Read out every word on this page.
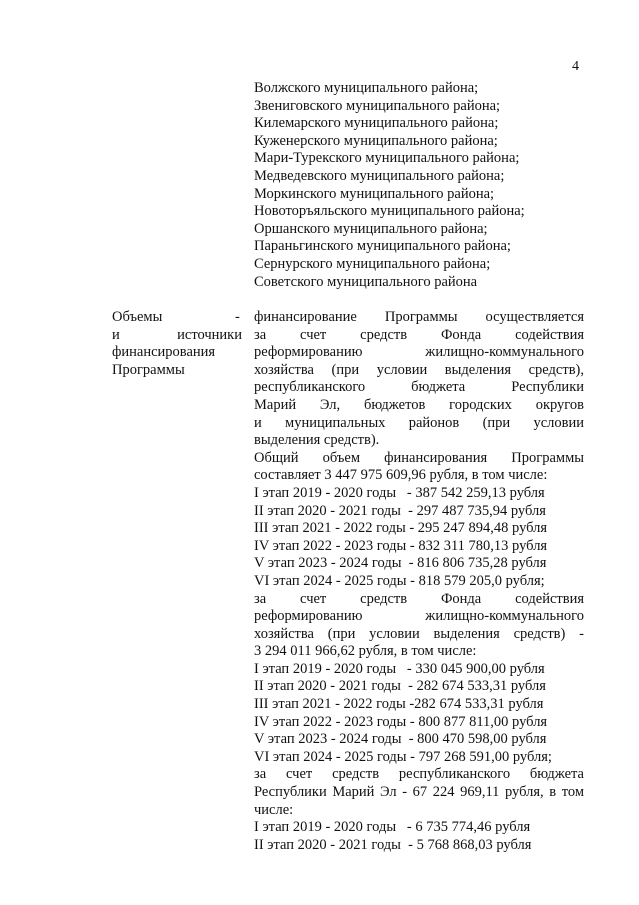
4
Волжского муниципального района;
Звениговского муниципального района;
Килемарского муниципального района;
Куженерского муниципального района;
Мари-Турекского муниципального района;
Медведевского муниципального района;
Моркинского муниципального района;
Новоторъяльского муниципального района;
Оршанского муниципального района;
Параньгинского муниципального района;
Сернурского муниципального района;
Советского муниципального района
Объемы
и	источники
финансирования
Программы
- финансирование Программы осуществляется
за счет средств Фонда содействия
реформированию жилищно-коммунального
хозяйства (при условии выделения средств),
республиканского бюджета Республики
Марий Эл, бюджетов городских округов
и муниципальных районов (при условии
выделения средств).
Общий объем финансирования Программы
составляет 3 447 975 609,96 рубля, в том числе:
I этап 2019 - 2020 годы   - 387 542 259,13 рубля
II этап 2020 - 2021 годы  - 297 487 735,94 рубля
III этап 2021 - 2022 годы - 295 247 894,48 рубля
IV этап 2022 - 2023 годы - 832 311 780,13 рубля
V этап 2023 - 2024 годы  - 816 806 735,28 рубля
VI этап 2024 - 2025 годы - 818 579 205,0 рубля;
за счет средств Фонда содействия
реформированию жилищно-коммунального
хозяйства (при условии выделения средств) -
3 294 011 966,62 рубля, в том числе:
I этап 2019 - 2020 годы   - 330 045 900,00 рубля
II этап 2020 - 2021 годы  - 282 674 533,31 рубля
III этап 2021 - 2022 годы -282 674 533,31 рубля
IV этап 2022 - 2023 годы - 800 877 811,00 рубля
V этап 2023 - 2024 годы  - 800 470 598,00 рубля
VI этап 2024 - 2025 годы - 797 268 591,00 рубля;
за счет средств республиканского бюджета
Республики Марий Эл - 67 224 969,11 рубля, в том
числе:
I этап 2019 - 2020 годы   - 6 735 774,46 рубля
II этап 2020 - 2021 годы  - 5 768 868,03 рубля
